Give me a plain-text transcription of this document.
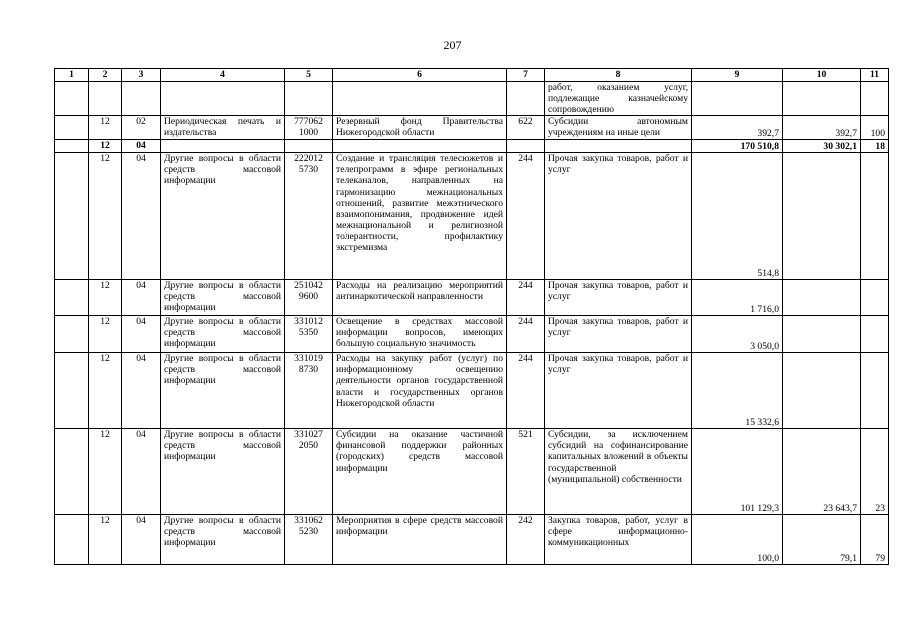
207
1	2	3	4	5	6	7	8	9	10	11
							работ, оказанием услуг, подлежащие казначейскому сопровождению			
	12	02	Периодическая печать и издательства	777062 1000	Резервный фонд Правительства Нижегородской области	622	Субсидии автономным учреждениям на иные цели	392,7	392,7	100
	12	04						170 510,8	30 302,1	18
	12	04	Другие вопросы в области средств массовой информации	222012 5730	Создание и трансляция телесюжетов и телепрограмм в эфире региональных телеканалов, направленных на гармонизацию межнациональных отношений, развитие межэтнического взаимопонимания, продвижение идей межнациональной и религиозной толерантности, профилактику экстремизма	244	Прочая закупка товаров, работ и услуг	514,8		
	12	04	Другие вопросы в области средств массовой информации	251042 9600	Расходы на реализацию мероприятий антинаркотической направленности	244	Прочая закупка товаров, работ и услуг	1 716,0		
	12	04	Другие вопросы в области средств массовой информации	331012 5350	Освещение в средствах массовой информации вопросов, имеющих большую социальную значимость	244	Прочая закупка товаров, работ и услуг	3 050,0		
	12	04	Другие вопросы в области средств массовой информации	331019 8730	Расходы на закупку работ (услуг) по информационному освещению деятельности органов государственной власти и государственных органов Нижегородской области	244	Прочая закупка товаров, работ и услуг	15 332,6		
	12	04	Другие вопросы в области средств массовой информации	331027 2050	Субсидии на оказание частичной финансовой поддержки районных (городских) средств массовой информации	521	Субсидии, за исключением субсидий на софинансирование капитальных вложений в объекты государственной (муниципальной) собственности	101 129,3	23 643,7	23
	12	04	Другие вопросы в области средств массовой информации	331062 5230	Мероприятия в сфере средств массовой информации	242	Закупка товаров, работ, услуг в сфере информационно-коммуникационных	100,0	79,1	79
